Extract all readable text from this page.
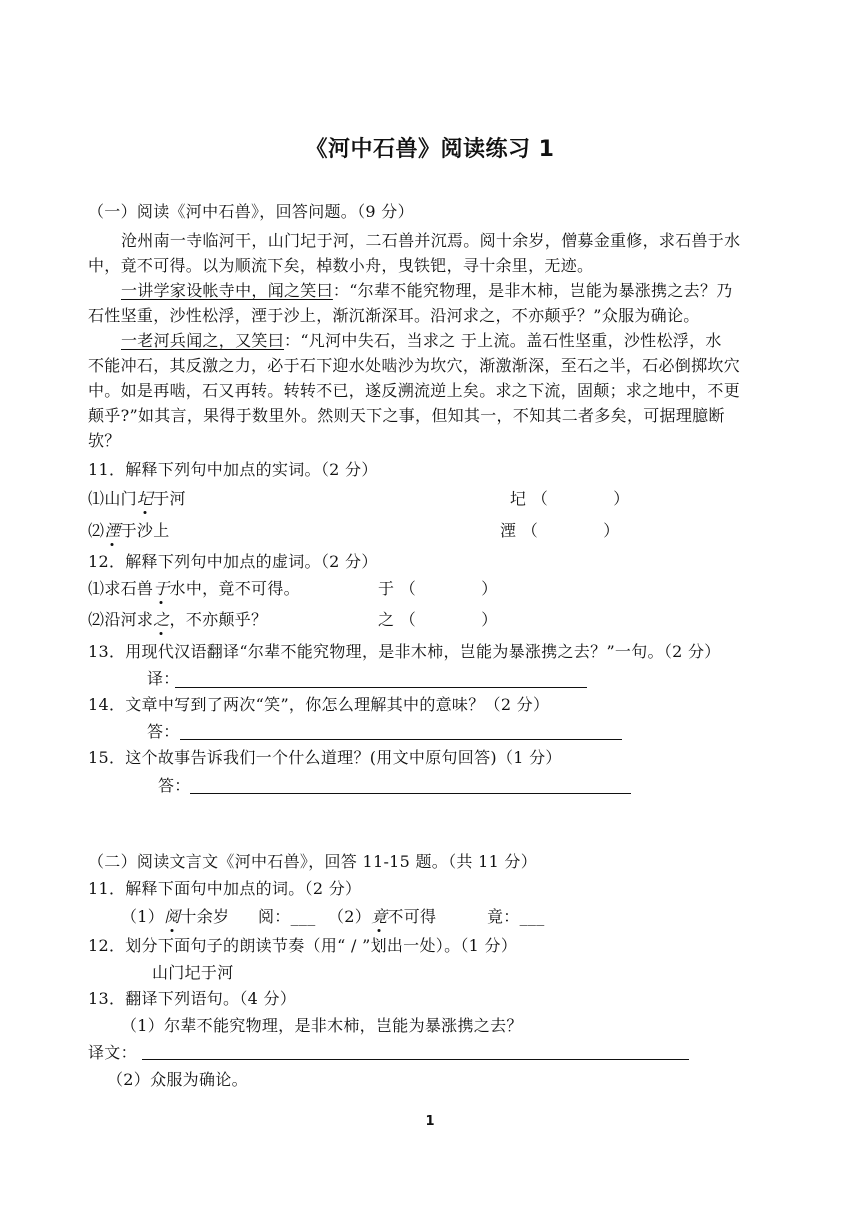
《河中石兽》阅读练习 1
（一）阅读《河中石兽》，回答问题。（9 分）
沧州南一寺临河干，山门圮于河，二石兽并沉焉。阅十余岁，僧募金重修，求石兽于水
中，竟不可得。以为顺流下矣，棹数小舟，曳铁钯，寻十余里，无迹。
一讲学家设帐寺中，闻之笑曰：“尔辈不能究物理，是非木柿，岂能为暴涨携之去？乃
石性坚重，沙性松浮，湮于沙上，渐沉渐深耳。沿河求之，不亦颠乎？”众服为确论。
一老河兵闻之，又笑曰：“凡河中失石，当求之 于上流。盖石性坚重，沙性松浮，水
不能冲石，其反激之力，必于石下迎水处啮沙为坎穴，渐激渐深，至石之半，石必倒掷坎穴
中。如是再啮，石又再转。转转不已，遂反溯流逆上矣。求之下流，固颠；求之地中，不更
颠乎?”如其言，果得于数里外。然则天下之事，但知其一，不知其二者多矣，可据理臆断
欤？
11．解释下列句中加点的实词。（2 分）
⑴山门圮于河	圮 （　　　　）
⑵湮于沙上	湮 （　　　　）
12．解释下列句中加点的虚词。（2 分）
⑴求石兽于水中，竟不可得。	于 （　　　　）
⑵沿河求之，不亦颠乎？	之 （　　　　）
13．用现代汉语翻译“尔辈不能究物理，是非木柿，岂能为暴涨携之去？”一句。（2 分）
译：
14．文章中写到了两次“笑”，你怎么理解其中的意味？（2 分）
答：
15．这个故事告诉我们一个什么道理？(用文中原句回答)（1 分）
答：
（二）阅读文言文《河中石兽》，回答 11-15 题。（共 11 分）
11．解释下面句中加点的词。（2 分）
（1）阅十余岁 阅：___ （2）竟不可得	竟：___
12．划分下面句子的朗读节奏（用“ / ”划出一处）。（1 分）
山门圮于河
13．翻译下列语句。（4 分）
（1）尔辈不能究物理，是非木柿，岂能为暴涨携之去？
译文：
（2）众服为确论。
1
